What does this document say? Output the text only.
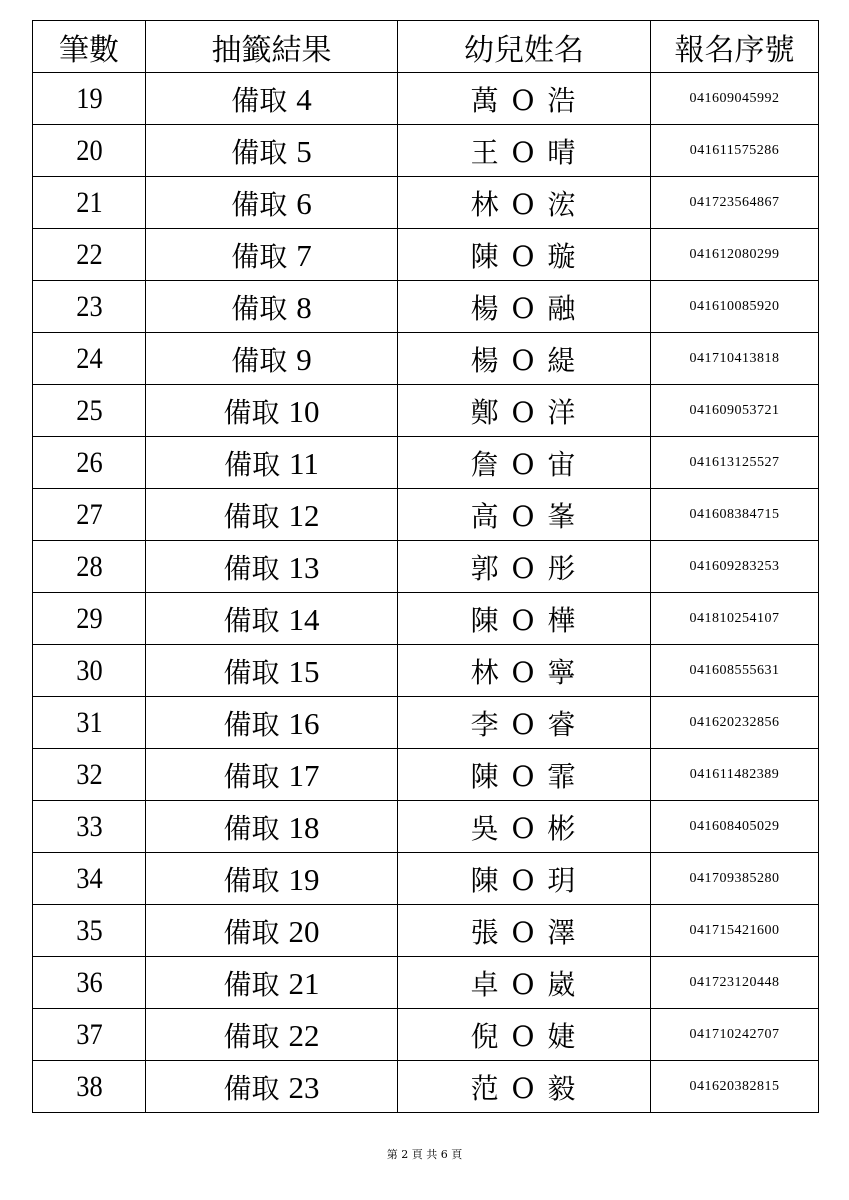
筆數	抽籤結果	幼兒姓名	報名序號
19	備取 4	萬 O 浩	041609045992
20	備取 5	王 O 晴	041611575286
21	備取 6	林 O 浤	041723564867
22	備取 7	陳 O 璇	041612080299
23	備取 8	楊 O 融	041610085920
24	備取 9	楊 O 緹	041710413818
25	備取 10	鄭 O 洋	041609053721
26	備取 11	詹 O 宙	041613125527
27	備取 12	高 O 峯	041608384715
28	備取 13	郭 O 彤	041609283253
29	備取 14	陳 O 樺	041810254107
30	備取 15	林 O 寧	041608555631
31	備取 16	李 O 睿	041620232856
32	備取 17	陳 O 霏	041611482389
33	備取 18	吳 O 彬	041608405029
34	備取 19	陳 O 玥	041709385280
35	備取 20	張 O 澤	041715421600
36	備取 21	卓 O 崴	041723120448
37	備取 22	倪 O 婕	041710242707
38	備取 23	范 O 毅	041620382815
第 2 頁 共 6 頁
